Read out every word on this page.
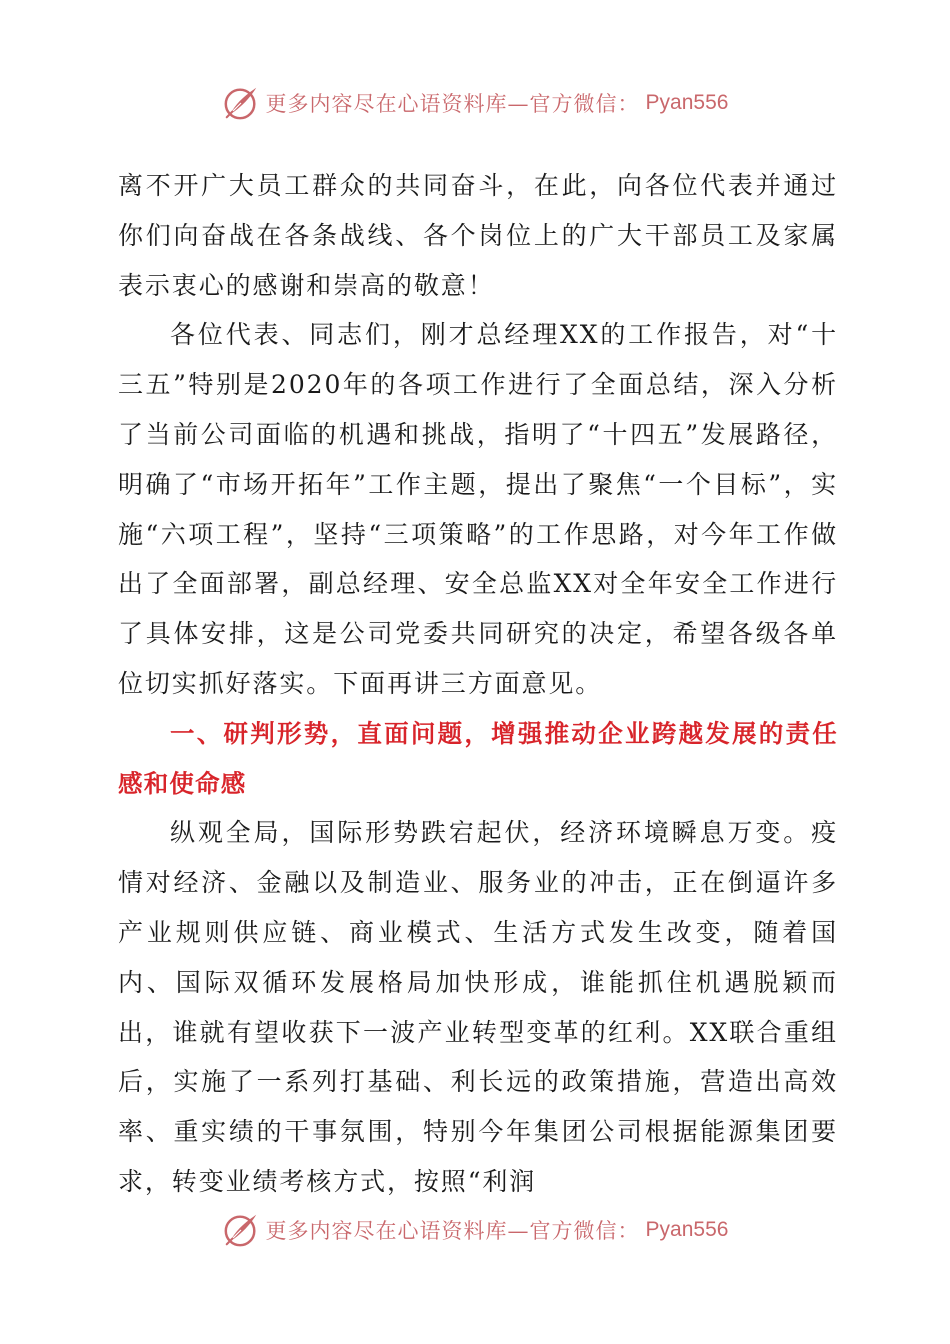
更多内容尽在心语资料库—官方微信： Pyan556

离不开广大员工群众的共同奋斗，在此，向各位代表并通过你们向奋战在各条战线、各个岗位上的广大干部员工及家属表示衷心的感谢和崇高的敬意！

各位代表、同志们，刚才总经理XX的工作报告，对“十三五”特别是2020年的各项工作进行了全面总结，深入分析了当前公司面临的机遇和挑战，指明了“十四五”发展路径，明确了“市场开拓年”工作主题，提出了聚焦“一个目标”，实施“六项工程”，坚持“三项策略”的工作思路，对今年工作做出了全面部署，副总经理、安全总监XX对全年安全工作进行了具体安排，这是公司党委共同研究的决定，希望各级各单位切实抓好落实。下面再讲三方面意见。

一、研判形势，直面问题，增强推动企业跨越发展的责任感和使命感

纵观全局，国际形势跌宕起伏，经济环境瞬息万变。疫情对经济、金融以及制造业、服务业的冲击，正在倒逼许多产业规则供应链、商业模式、生活方式发生改变，随着国内、国际双循环发展格局加快形成，谁能抓住机遇脱颖而出，谁就有望收获下一波产业转型变革的红利。XX联合重组后，实施了一系列打基础、利长远的政策措施，营造出高效率、重实绩的干事氛围，特别今年集团公司根据能源集团要求，转变业绩考核方式，按照“利润

更多内容尽在心语资料库—官方微信： Pyan556
